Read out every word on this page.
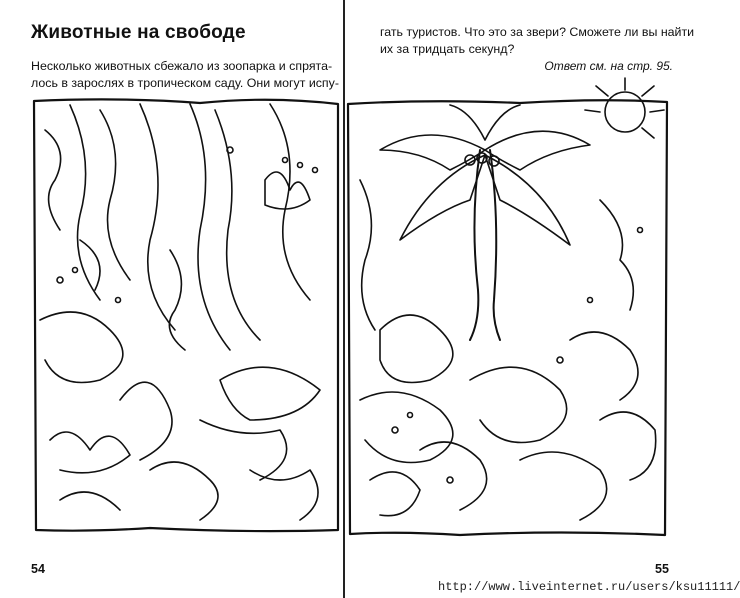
Животные на свободе
Несколько животных сбежало из зоопарка и спрята-
лось в зарослях в тропическом саду. Они могут испу-
гать туристов. Что это за звери? Сможете ли вы найти
их за тридцать секунд?
Ответ см. на стр. 95.
54	55
http://www.liveinternet.ru/users/ksu11111/
